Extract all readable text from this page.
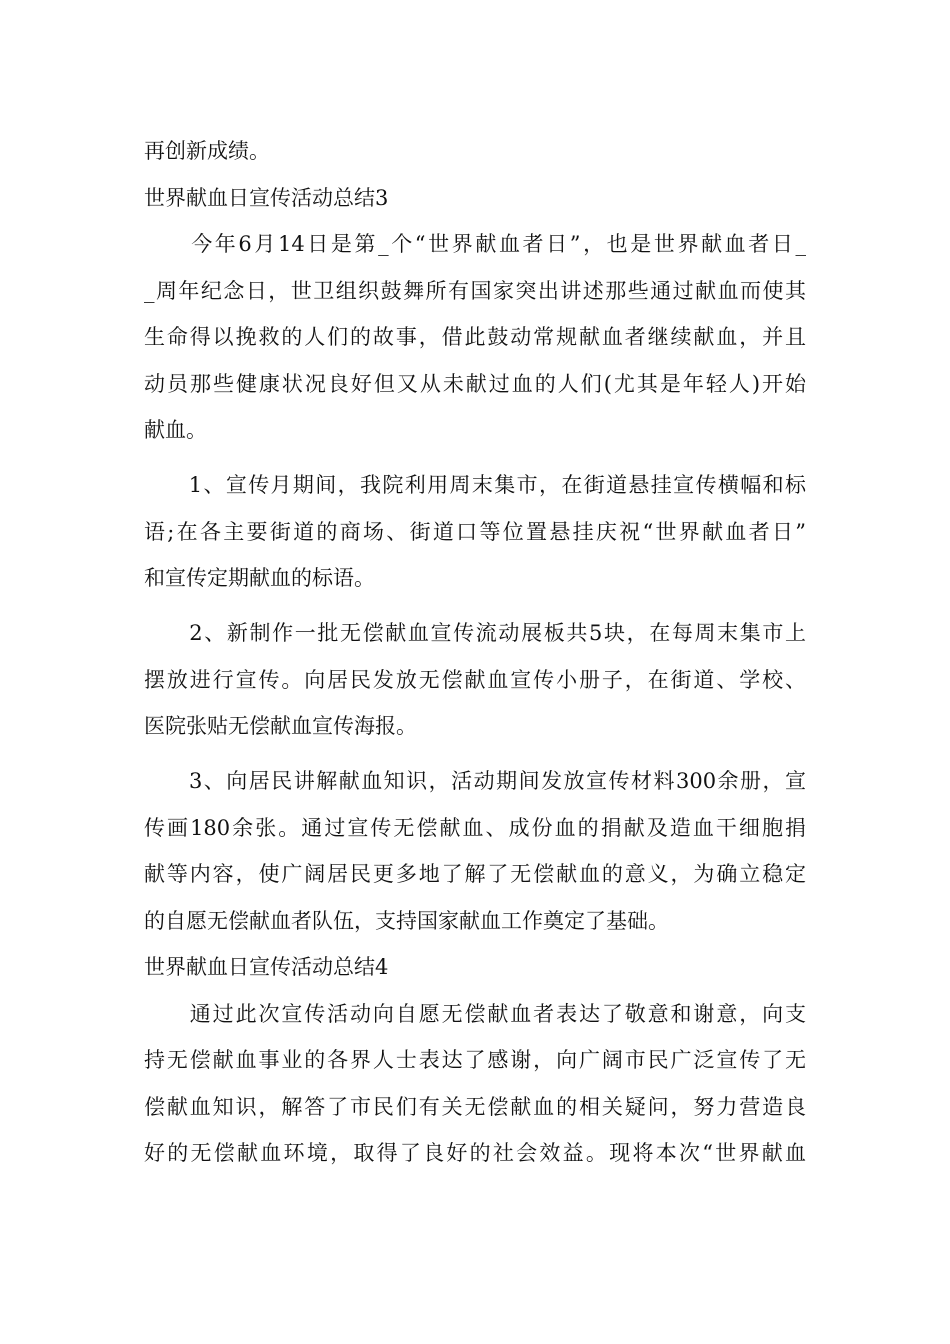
再创新成绩。
世界献血日宣传活动总结3
　　今年6月14日是第_个“世界献血者日”，也是世界献血者日_
_周年纪念日，世卫组织鼓舞所有国家突出讲述那些通过献血而使其
生命得以挽救的人们的故事，借此鼓动常规献血者继续献血，并且
动员那些健康状况良好但又从未献过血的人们(尤其是年轻人)开始
献血。
　　1、宣传月期间，我院利用周末集市，在街道悬挂宣传横幅和标
语;在各主要街道的商场、街道口等位置悬挂庆祝“世界献血者日”
和宣传定期献血的标语。
　　2、新制作一批无偿献血宣传流动展板共5块，在每周末集市上
摆放进行宣传。向居民发放无偿献血宣传小册子，在街道、学校、
医院张贴无偿献血宣传海报。
　　3、向居民讲解献血知识，活动期间发放宣传材料300余册，宣
传画180余张。通过宣传无偿献血、成份血的捐献及造血干细胞捐
献等内容，使广阔居民更多地了解了无偿献血的意义，为确立稳定
的自愿无偿献血者队伍，支持国家献血工作奠定了基础。
世界献血日宣传活动总结4
　　通过此次宣传活动向自愿无偿献血者表达了敬意和谢意，向支
持无偿献血事业的各界人士表达了感谢，向广阔市民广泛宣传了无
偿献血知识，解答了市民们有关无偿献血的相关疑问，努力营造良
好的无偿献血环境，取得了良好的社会效益。现将本次“世界献血
